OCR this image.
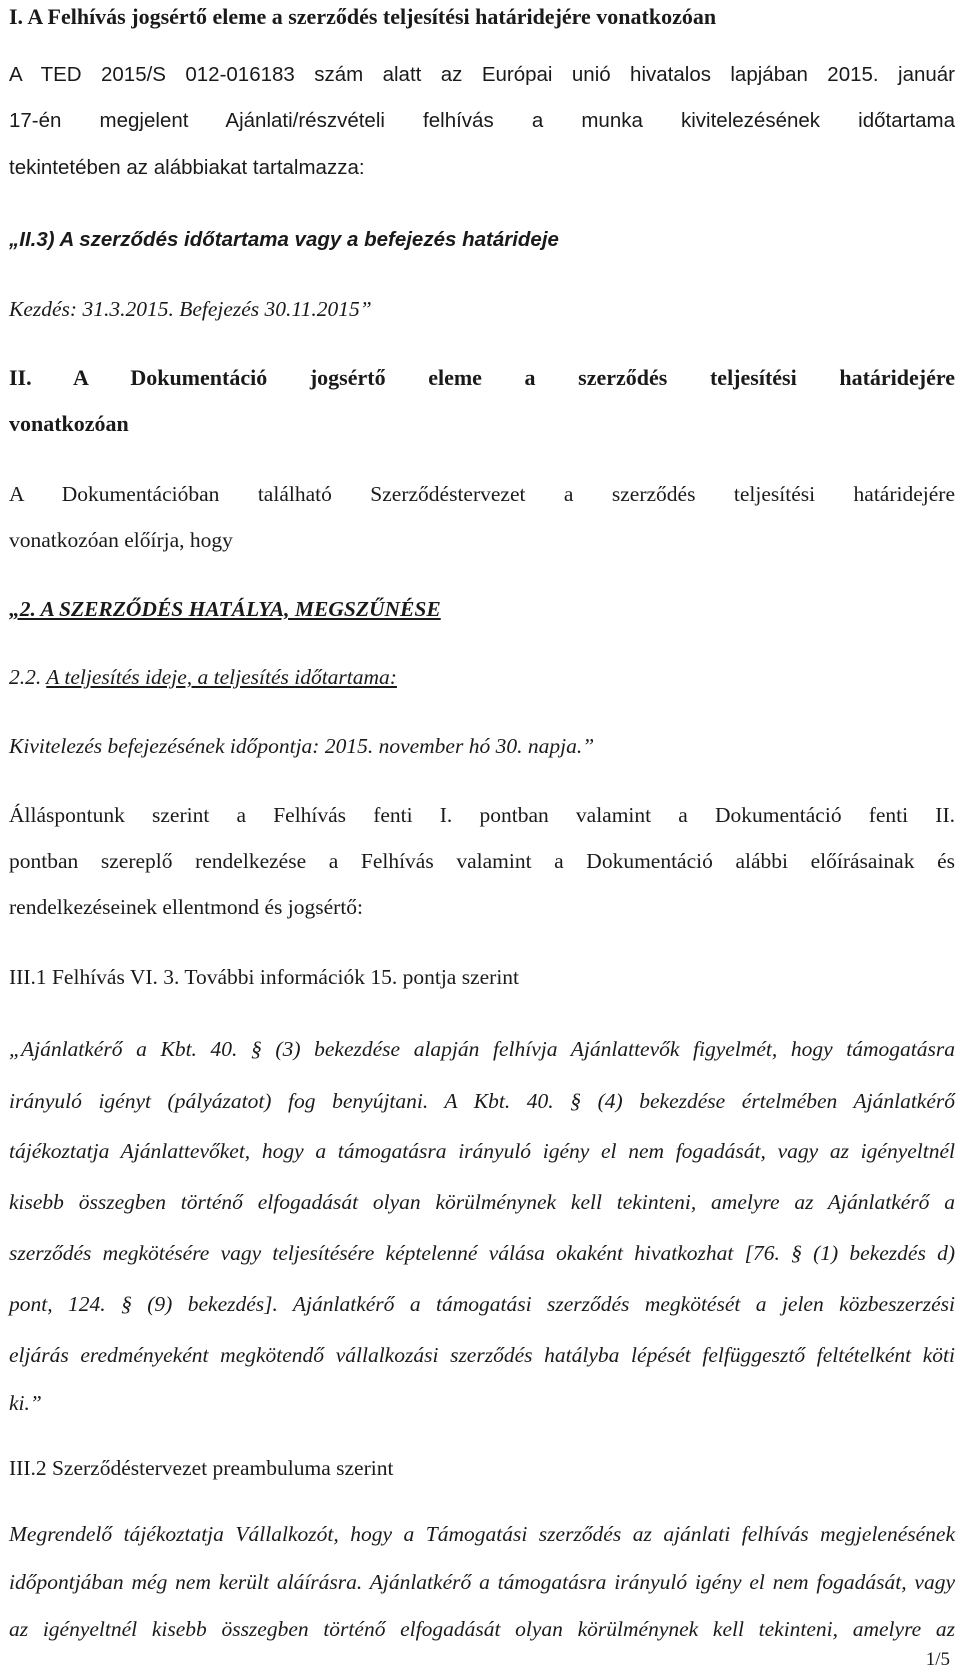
I. A Felhívás jogsértő eleme a szerződés teljesítési határidejére vonatkozóan
A TED 2015/S 012-016183 szám alatt az Európai unió hivatalos lapjában 2015. január
17-én megjelent Ajánlati/részvételi felhívás a munka kivitelezésének időtartama
tekintetében az alábbiakat tartalmazza:
„II.3) A szerződés időtartama vagy a befejezés határideje
Kezdés: 31.3.2015. Befejezés 30.11.2015”
II. A Dokumentáció jogsértő eleme a szerződés teljesítési határidejére
vonatkozóan
A Dokumentációban található Szerződéstervezet a szerződés teljesítési határidejére
vonatkozóan előírja, hogy
„2. A SZERZŐDÉS HATÁLYA, MEGSZŰNÉSE
2.2. A teljesítés ideje, a teljesítés időtartama:
Kivitelezés befejezésének időpontja: 2015. november hó 30. napja.”
Álláspontunk szerint a Felhívás fenti I. pontban valamint a Dokumentáció fenti II.
pontban szereplő rendelkezése a Felhívás valamint a Dokumentáció alábbi előírásainak és
rendelkezéseinek ellentmond és jogsértő:
III.1 Felhívás VI. 3. További információk 15. pontja szerint
„Ajánlatkérő a Kbt. 40. § (3) bekezdése alapján felhívja Ajánlattevők figyelmét, hogy támogatásra
irányuló igényt (pályázatot) fog benyújtani. A Kbt. 40. § (4) bekezdése értelmében Ajánlatkérő
tájékoztatja Ajánlattevőket, hogy a támogatásra irányuló igény el nem fogadását, vagy az igényeltnél
kisebb összegben történő elfogadását olyan körülménynek kell tekinteni, amelyre az Ajánlatkérő a
szerződés megkötésére vagy teljesítésére képtelenné válása okaként hivatkozhat [76. § (1) bekezdés d)
pont, 124. § (9) bekezdés]. Ajánlatkérő a támogatási szerződés megkötését a jelen közbeszerzési
eljárás eredményeként megkötendő vállalkozási szerződés hatályba lépését felfüggesztő feltételként köti
ki.”
III.2 Szerződéstervezet preambuluma szerint
Megrendelő tájékoztatja Vállalkozót, hogy a Támogatási szerződés az ajánlati felhívás megjelenésének
időpontjában még nem került aláírásra. Ajánlatkérő a támogatásra irányuló igény el nem fogadását, vagy
az igényeltnél kisebb összegben történő elfogadását olyan körülménynek kell tekinteni, amelyre az
1/5
